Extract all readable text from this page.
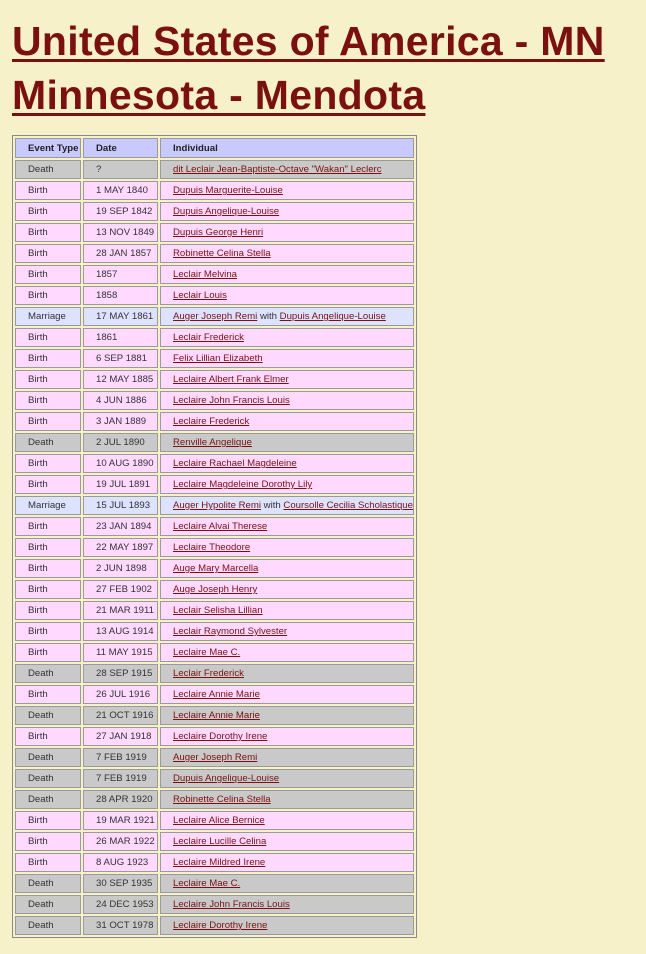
United States of America - MN
Minnesota - Mendota
Event Type	Date	Individual
Death	?	dit Leclair Jean-Baptiste-Octave "Wakan" Leclerc
Birth	1 MAY 1840	Dupuis Marguerite-Louise
Birth	19 SEP 1842	Dupuis Angelique-Louise
Birth	13 NOV 1849	Dupuis George Henri
Birth	28 JAN 1857	Robinette Celina Stella
Birth	1857	Leclair Melvina
Birth	1858	Leclair Louis
Marriage	17 MAY 1861	Auger Joseph Remi with Dupuis Angelique-Louise
Birth	1861	Leclair Frederick
Birth	6 SEP 1881	Felix Lillian Elizabeth
Birth	12 MAY 1885	Leclaire Albert Frank Elmer
Birth	4 JUN 1886	Leclaire John Francis Louis
Birth	3 JAN 1889	Leclaire Frederick
Death	2 JUL 1890	Renville Angelique
Birth	10 AUG 1890	Leclaire Rachael Magdeleine
Birth	19 JUL 1891	Leclaire Magdeleine Dorothy Lily
Marriage	15 JUL 1893	Auger Hypolite Remi with Coursolle Cecilia Scholastique
Birth	23 JAN 1894	Leclaire Alvai Therese
Birth	22 MAY 1897	Leclaire Theodore
Birth	2 JUN 1898	Auge Mary Marcella
Birth	27 FEB 1902	Auge Joseph Henry
Birth	21 MAR 1911	Leclair Selisha Lillian
Birth	13 AUG 1914	Leclair Raymond Sylvester
Birth	11 MAY 1915	Leclaire Mae C.
Death	28 SEP 1915	Leclair Frederick
Birth	26 JUL 1916	Leclaire Annie Marie
Death	21 OCT 1916	Leclaire Annie Marie
Birth	27 JAN 1918	Leclaire Dorothy Irene
Death	7 FEB 1919	Auger Joseph Remi
Death	7 FEB 1919	Dupuis Angelique-Louise
Death	28 APR 1920	Robinette Celina Stella
Birth	19 MAR 1921	Leclaire Alice Bernice
Birth	26 MAR 1922	Leclaire Lucille Celina
Birth	8 AUG 1923	Leclaire Mildred Irene
Death	30 SEP 1935	Leclaire Mae C.
Death	24 DEC 1953	Leclaire John Francis Louis
Death	31 OCT 1978	Leclaire Dorothy Irene
